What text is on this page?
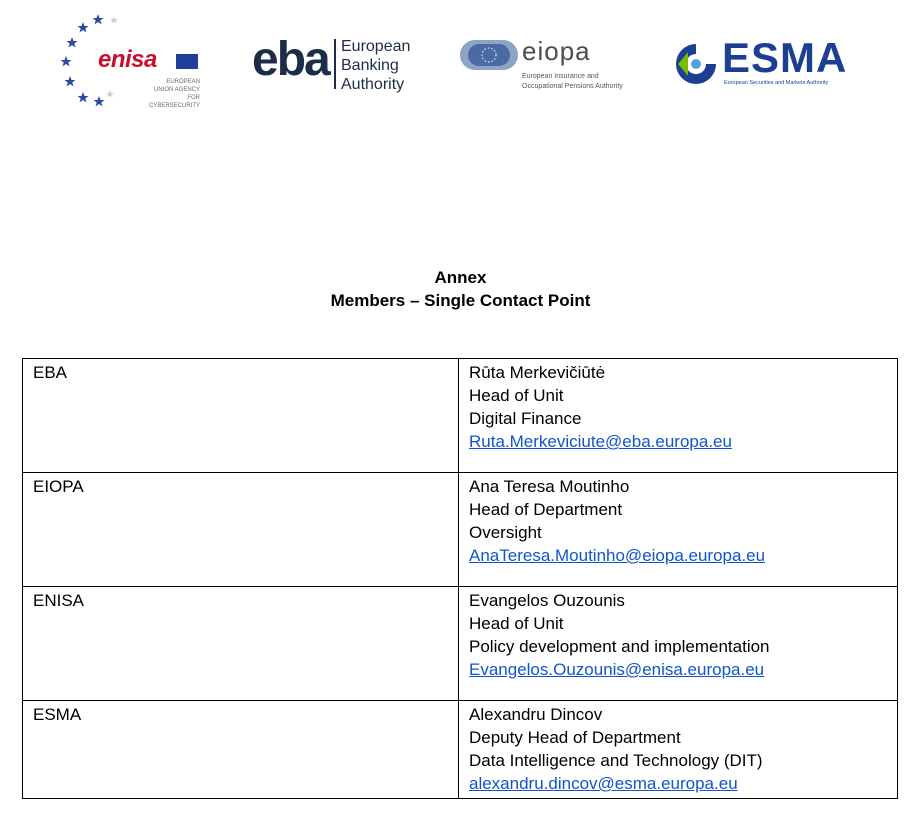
enisa
EUROPEAN
UNION AGENCY
FOR CYBERSECURITY
eba European
Banking
Authority
eiopa
European Insurance and
Occupational Pensions Authority
ESMA
European Securities and Markets Authority
Annex
Members – Single Contact Point
EBA	Rūta Merkevičiūtė
Head of Unit
Digital Finance
Ruta.Merkeviciute@eba.europa.eu

EIOPA	Ana Teresa Moutinho
Head of Department
Oversight
AnaTeresa.Moutinho@eiopa.europa.eu

ENISA	Evangelos Ouzounis
Head of Unit
Policy development and implementation
Evangelos.Ouzounis@enisa.europa.eu

ESMA	Alexandru Dincov
Deputy Head of Department
Data Intelligence and Technology (DIT)
alexandru.dincov@esma.europa.eu
